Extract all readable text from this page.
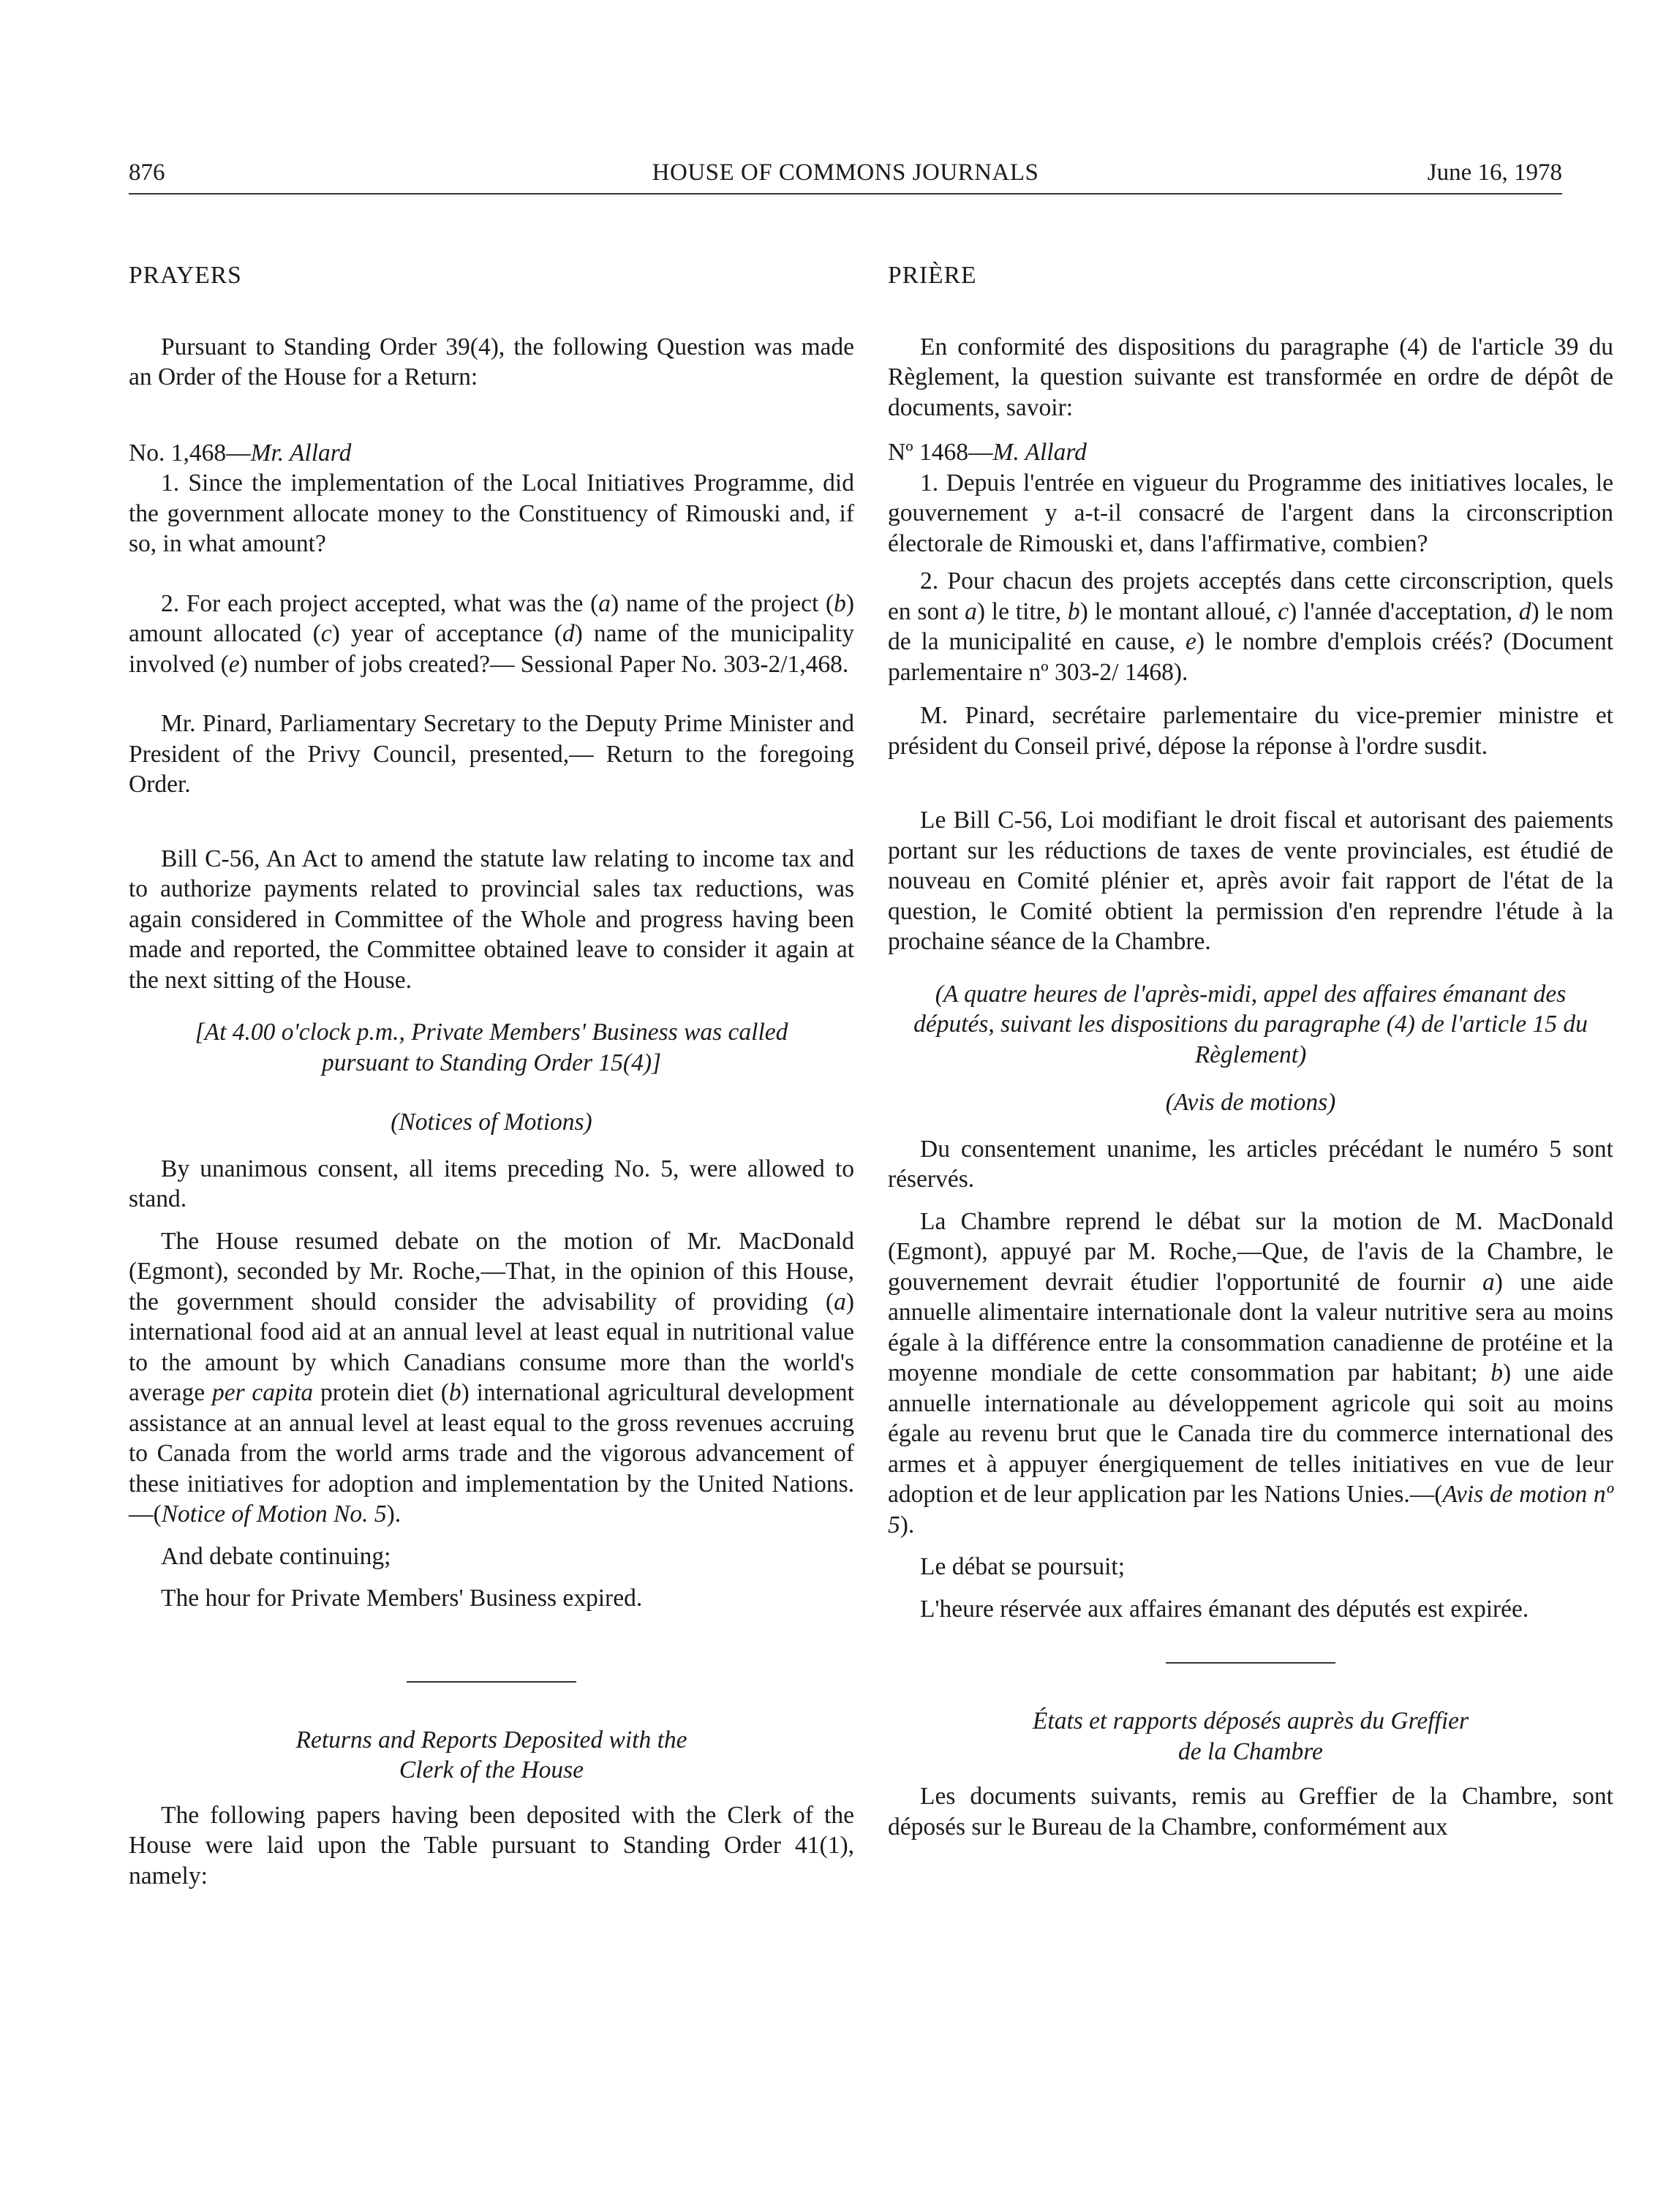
876	HOUSE OF COMMONS JOURNALS	June 16, 1978

PRAYERS

Pursuant to Standing Order 39(4), the following Question was made an Order of the House for a Return:

No. 1,468—Mr. Allard

1. Since the implementation of the Local Initiatives Programme, did the government allocate money to the Constituency of Rimouski and, if so, in what amount?

2. For each project accepted, what was the (a) name of the project (b) amount allocated (c) year of acceptance (d) name of the municipality involved (e) number of jobs created?— Sessional Paper No. 303-2/1,468.

Mr. Pinard, Parliamentary Secretary to the Deputy Prime Minister and President of the Privy Council, presented,— Return to the foregoing Order.

Bill C-56, An Act to amend the statute law relating to income tax and to authorize payments related to provincial sales tax reductions, was again considered in Committee of the Whole and progress having been made and reported, the Committee obtained leave to consider it again at the next sitting of the House.

[At 4.00 o'clock p.m., Private Members' Business was called pursuant to Standing Order 15(4)]

(Notices of Motions)

By unanimous consent, all items preceding No. 5, were allowed to stand.

The House resumed debate on the motion of Mr. MacDonald (Egmont), seconded by Mr. Roche,—That, in the opinion of this House, the government should consider the advisability of providing (a) international food aid at an annual level at least equal in nutritional value to the amount by which Canadians consume more than the world's average per capita protein diet (b) international agricultural development assistance at an annual level at least equal to the gross revenues accruing to Canada from the world arms trade and the vigorous advancement of these initiatives for adoption and implementation by the United Nations.—(Notice of Motion No. 5).

And debate continuing;

The hour for Private Members' Business expired.

Returns and Reports Deposited with the
Clerk of the House

The following papers having been deposited with the Clerk of the House were laid upon the Table pursuant to Standing Order 41(1), namely:

PRIÈRE

En conformité des dispositions du paragraphe (4) de l'article 39 du Règlement, la question suivante est transformée en ordre de dépôt de documents, savoir:

Nº 1468—M. Allard

1. Depuis l'entrée en vigueur du Programme des initiatives locales, le gouvernement y a-t-il consacré de l'argent dans la circonscription électorale de Rimouski et, dans l'affirmative, combien?

2. Pour chacun des projets acceptés dans cette circonscription, quels en sont a) le titre, b) le montant alloué, c) l'année d'acceptation, d) le nom de la municipalité en cause, e) le nombre d'emplois créés? (Document parlementaire nº 303-2/ 1468).

M. Pinard, secrétaire parlementaire du vice-premier ministre et président du Conseil privé, dépose la réponse à l'ordre susdit.

Le Bill C-56, Loi modifiant le droit fiscal et autorisant des paiements portant sur les réductions de taxes de vente provinciales, est étudié de nouveau en Comité plénier et, après avoir fait rapport de l'état de la question, le Comité obtient la permission d'en reprendre l'étude à la prochaine séance de la Chambre.

(A quatre heures de l'après-midi, appel des affaires émanant des députés, suivant les dispositions du paragraphe (4) de l'article 15 du Règlement)

(Avis de motions)

Du consentement unanime, les articles précédant le numéro 5 sont réservés.

La Chambre reprend le débat sur la motion de M. MacDonald (Egmont), appuyé par M. Roche,—Que, de l'avis de la Chambre, le gouvernement devrait étudier l'opportunité de fournir a) une aide annuelle alimentaire internationale dont la valeur nutritive sera au moins égale à la différence entre la consommation canadienne de protéine et la moyenne mondiale de cette consommation par habitant; b) une aide annuelle internationale au développement agricole qui soit au moins égale au revenu brut que le Canada tire du commerce international des armes et à appuyer énergiquement de telles initiatives en vue de leur adoption et de leur application par les Nations Unies.—(Avis de motion nº 5).

Le débat se poursuit;

L'heure réservée aux affaires émanant des députés est expirée.

États et rapports déposés auprès du Greffier
de la Chambre

Les documents suivants, remis au Greffier de la Chambre, sont déposés sur le Bureau de la Chambre, conformément aux
